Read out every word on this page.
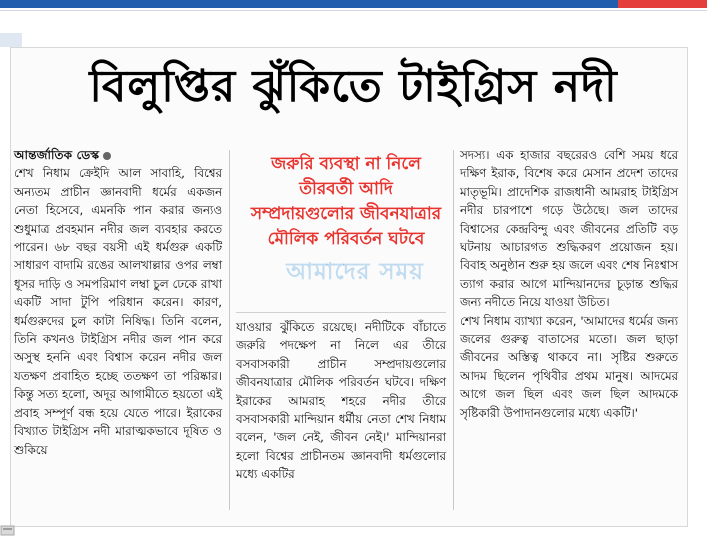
বিলুপ্তির ঝুঁকিতে টাইগ্রিস নদী

আন্তর্জাতিক ডেস্ক

শেখ নিধাম ক্রেইদি আল সাবাহি, বিশ্বের অন্যতম প্রাচীন জ্ঞানবাদী ধর্মের একজন নেতা হিসেবে, এমনকি পান করার জন্যও শুধুমাত্র প্রবহমান নদীর জল ব্যবহার করতে পারেন। ৬৮ বছর বয়সী এই ধর্মগুরু একটি সাধারণ বাদামি রঙের আলখাল্লার ওপর লম্বা ধূসর দাড়ি ও সমপরিমাণ লম্বা চুল ঢেকে রাখা একটি সাদা টুপি পরিধান করেন। কারণ, ধর্মগুরুদের চুল কাটা নিষিদ্ধ। তিনি বলেন, তিনি কখনও টাইগ্রিস নদীর জল পান করে অসুস্থ হননি এবং বিশ্বাস করেন নদীর জল যতক্ষণ প্রবাহিত হচ্ছে ততক্ষণ তা পরিষ্কার। কিন্তু সত্য হলো, অদূর আগামীতে হয়তো এই প্রবাহ সম্পূর্ণ বন্ধ হয়ে যেতে পারে। ইরাকের বিখ্যাত টাইগ্রিস নদী মারাত্মকভাবে দূষিত ও শুকিয়ে

জরুরি ব্যবস্থা না নিলে তীরবর্তী আদি সম্প্রদায়গুলোর জীবনযাত্রার মৌলিক পরিবর্তন ঘটবে
আমাদের সময়

যাওয়ার ঝুঁকিতে রয়েছে। নদীটিকে বাঁচাতে জরুরি পদক্ষেপ না নিলে এর তীরে বসবাসকারী প্রাচীন সম্প্রদায়গুলোর জীবনযাত্রার মৌলিক পরিবর্তন ঘটবে। দক্ষিণ ইরাকের আমরাহ শহরে নদীর তীরে বসবাসকারী মান্দিয়ান ধর্মীয় নেতা শেখ নিধাম বলেন, 'জল নেই, জীবন নেই।' মান্দিয়ানরা হলো বিশ্বের প্রাচীনতম জ্ঞানবাদী ধর্মগুলোর মধ্যে একটির

সদস্য। এক হাজার বছরেরও বেশি সময় ধরে দক্ষিণ ইরাক, বিশেষ করে মেসান প্রদেশ তাদের মাতৃভূমি। প্রাদেশিক রাজধানী আমরাহ টাইগ্রিস নদীর চারপাশে গড়ে উঠেছে। জল তাদের বিশ্বাসের কেন্দ্রবিন্দু এবং জীবনের প্রতিটি বড় ঘটনায় আচারগত শুদ্ধিকরণ প্রয়োজন হয়। বিবাহ অনুষ্ঠান শুরু হয় জলে এবং শেষ নিঃশ্বাস ত্যাগ করার আগে মান্দিয়ানদের চূড়ান্ত শুদ্ধির জন্য নদীতে নিয়ে যাওয়া উচিত।

শেখ নিধাম ব্যাখ্যা করেন, 'আমাদের ধর্মের জন্য জলের গুরুত্ব বাতাসের মতো। জল ছাড়া জীবনের অস্তিত্ব থাকবে না। সৃষ্টির শুরুতে আদম ছিলেন পৃথিবীর প্রথম মানুষ। আদমের আগে জল ছিল এবং জল ছিল আদমকে সৃষ্টিকারী উপাদানগুলোর মধ্যে একটি।'
